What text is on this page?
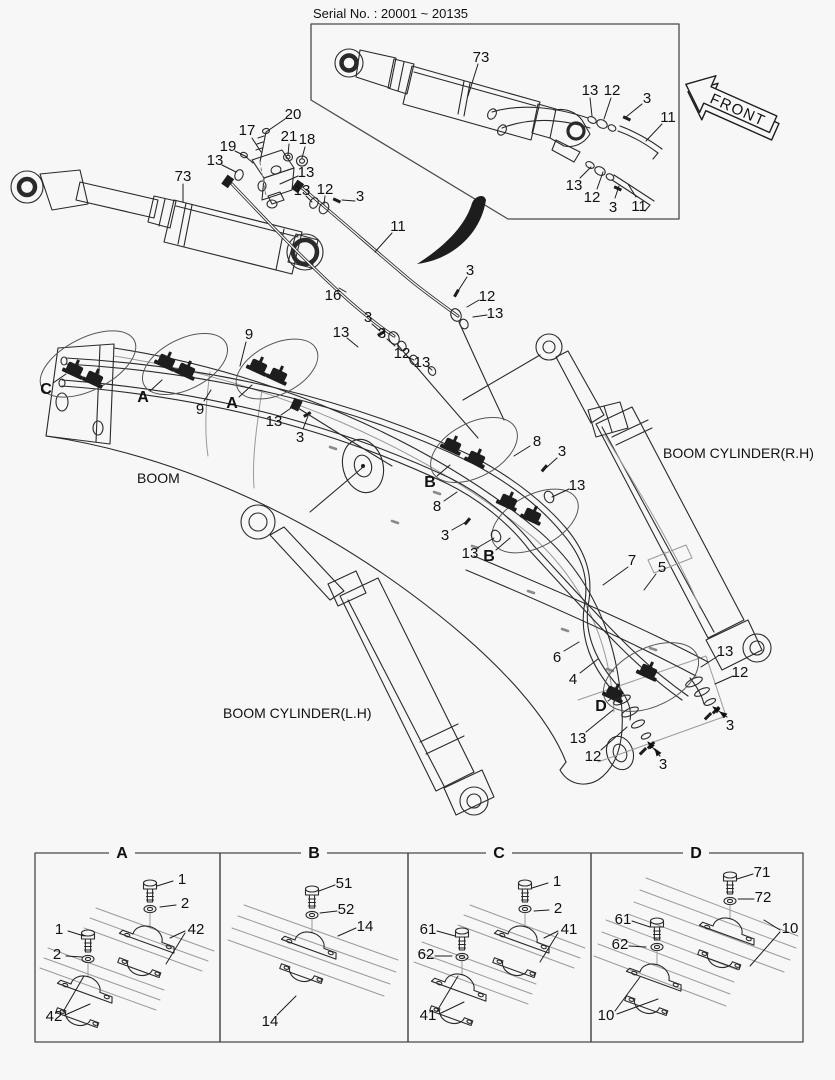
FRONT
Serial No. : 20001 ~ 20135
BOOM
BOOM CYLINDER(R.H)
BOOM CYLINDER(L.H)
73
13 12 3
11
13
12
3 11
73
20
17
19
21 18
13
13
13 12 3
11
16
3
12
13
3
13 3
12
13
9
9
13
3	8
3
13
8
3
13	7 5
6
4
13
12	3
13
12
3
C	A	A
B
B
D
A	B	C	D
1
2
42
1
2
42
51
52
14
14
1
2
41
61
62
41
71
72
10
61
62
10
